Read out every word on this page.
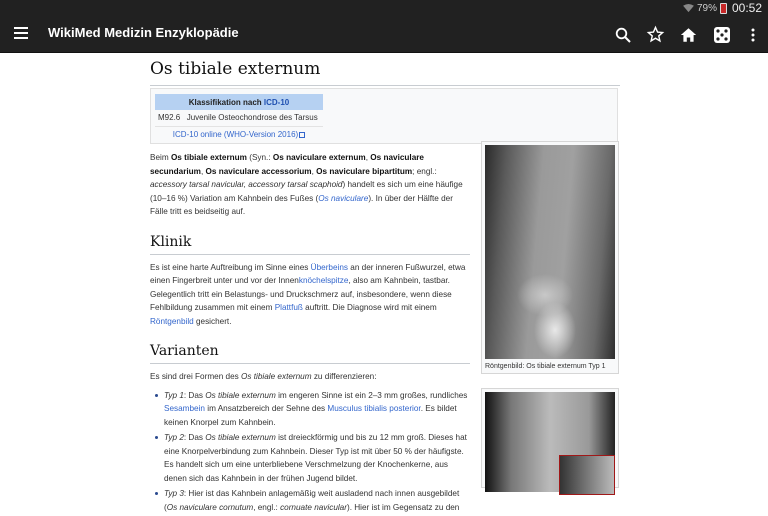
79% 00:52
WikiMed Medizin Enzyklopädie
Os tibiale externum
Klassifikation nach ICD-10
M92.6	Juvenile Osteochondrose des Tarsus
ICD-10 online (WHO-Version 2016)

Beim Os tibiale externum (Syn.: Os naviculare externum, Os naviculare secundarium, Os naviculare accessorium, Os naviculare bipartitum; engl.: accessory tarsal navicular, accessory tarsal scaphoid) handelt es sich um eine häufige (10–16 %) Variation am Kahnbein des Fußes (Os naviculare). In über der Hälfte der Fälle tritt es beidseitig auf.

Klinik

Es ist eine harte Auftreibung im Sinne eines Überbeins an der inneren Fußwurzel, etwa einen Fingerbreit unter und vor der Innenknöchelspitze, also am Kahnbein, tastbar. Gelegentlich tritt ein Belastungs- und Druckschmerz auf, insbesondere, wenn diese Fehlbildung zusammen mit einem Plattfuß auftritt. Die Diagnose wird mit einem Röntgenbild gesichert.

Varianten

Es sind drei Formen des Os tibiale externum zu differenzieren:

Typ 1: Das Os tibiale externum im engeren Sinne ist ein 2–3 mm großes, rundliches Sesambein im Ansatzbereich der Sehne des Musculus tibialis posterior. Es bildet keinen Knorpel zum Kahnbein.
Typ 2: Das Os tibiale externum ist dreieckförmig und bis zu 12 mm groß. Dieses hat eine Knorpelverbindung zum Kahnbein. Dieser Typ ist mit über 50 % der häufigste. Es handelt sich um eine unterbliebene Verschmelzung der Knochenkerne, aus denen sich das Kahnbein in der frühen Jugend bildet.
Typ 3: Hier ist das Kahnbein anlagemäßig weit ausladend nach innen ausgebildet (Os naviculare cornutum, engl.: cornuate navicular). Hier ist im Gegensatz zu den
Röntgenbild: Os tibiale externum Typ 1
